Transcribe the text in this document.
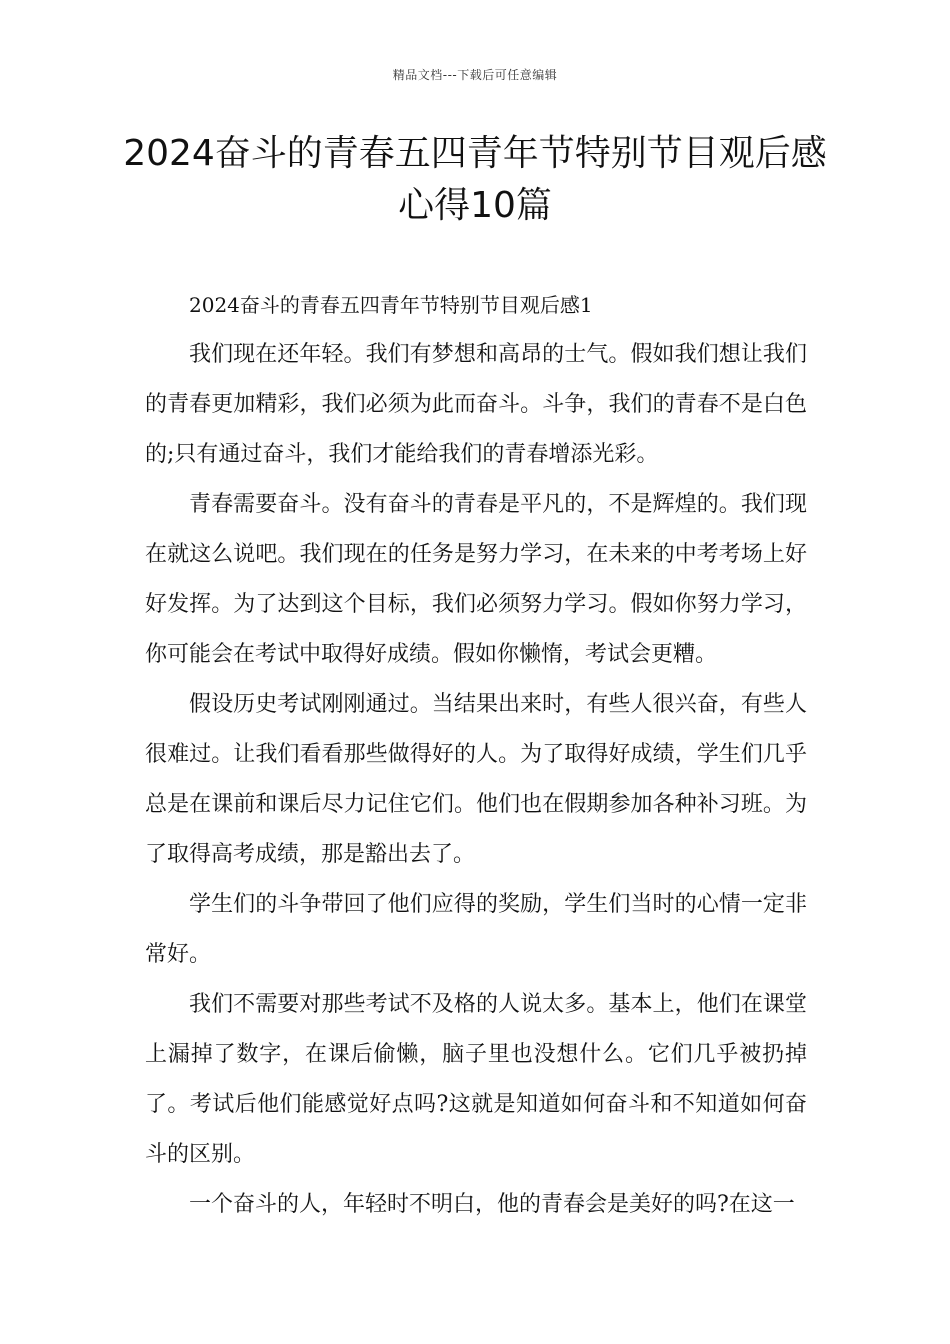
精品文档---下载后可任意编辑
2024奋斗的青春五四青年节特别节目观后感心得10篇

2024奋斗的青春五四青年节特别节目观后感1

我们现在还年轻。我们有梦想和高昂的士气。假如我们想让我们的青春更加精彩，我们必须为此而奋斗。斗争，我们的青春不是白色的;只有通过奋斗，我们才能给我们的青春增添光彩。

青春需要奋斗。没有奋斗的青春是平凡的，不是辉煌的。我们现在就这么说吧。我们现在的任务是努力学习，在未来的中考考场上好好发挥。为了达到这个目标，我们必须努力学习。假如你努力学习，你可能会在考试中取得好成绩。假如你懒惰，考试会更糟。

假设历史考试刚刚通过。当结果出来时，有些人很兴奋，有些人很难过。让我们看看那些做得好的人。为了取得好成绩，学生们几乎总是在课前和课后尽力记住它们。他们也在假期参加各种补习班。为了取得高考成绩，那是豁出去了。

学生们的斗争带回了他们应得的奖励，学生们当时的心情一定非常好。

我们不需要对那些考试不及格的人说太多。基本上，他们在课堂上漏掉了数字，在课后偷懒，脑子里也没想什么。它们几乎被扔掉了。考试后他们能感觉好点吗?这就是知道如何奋斗和不知道如何奋斗的区别。

一个奋斗的人，年轻时不明白，他的青春会是美好的吗?在这一
